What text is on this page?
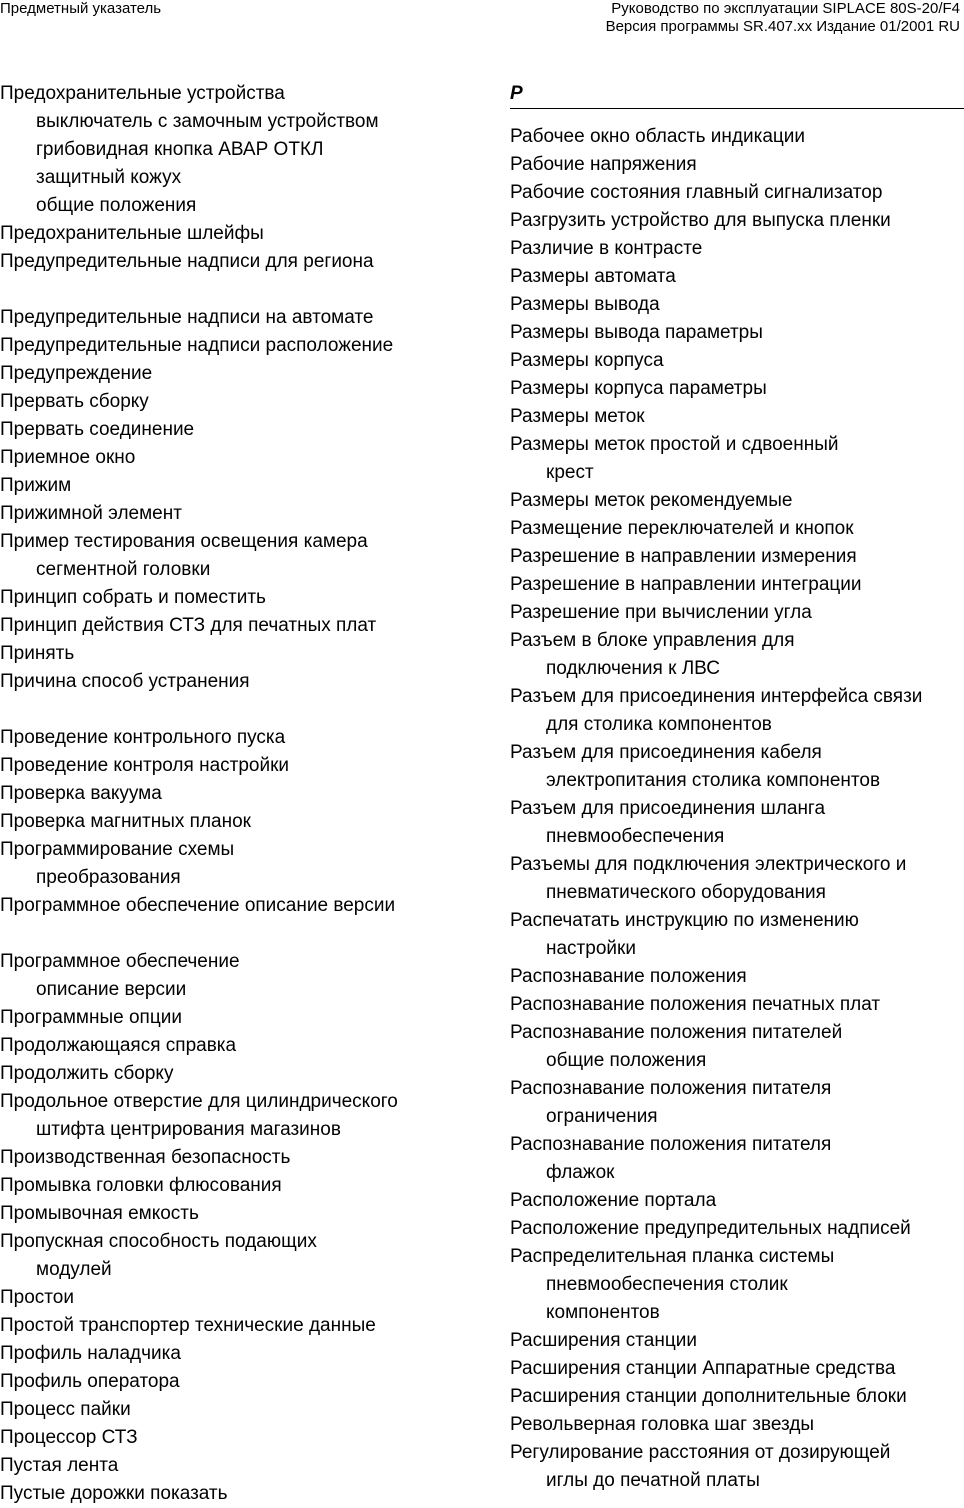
Предметный указатель	Руководство по эксплуатации SIPLACE 80S-20/F4
Версия программы SR.407.xx Издание 01/2001 RU
Предохранительные устройства
выключатель с замочным устройством
грибовидная кнопка АВАР ОТКЛ
защитный кожух
общие положения
Предохранительные шлейфы
Предупредительные надписи для региона
Предупредительные надписи на автомате
Предупредительные надписи расположение
Предупреждение
Прервать сборку
Прервать соединение
Приемное окно
Прижим
Прижимной элемент
Пример тестирования освещения камера
сегментной головки
Принцип собрать и поместить
Принцип действия СТЗ для печатных плат
Принять
Причина способ устранения
Проведение контрольного пуска
Проведение контроля настройки
Проверка вакуума
Проверка магнитных планок
Программирование схемы
преобразования
Программное обеспечение описание версии
Программное обеспечение
описание версии
Программные опции
Продолжающаяся справка
Продолжить сборку
Продольное отверстие для цилиндрического
штифта центрирования магазинов
Производственная безопасность
Промывка головки флюсования
Промывочная емкость
Пропускная способность подающих
модулей
Простои
Простой транспортер технические данные
Профиль наладчика
Профиль оператора
Процесс пайки
Процессор СТЗ
Пустая лента
Пустые дорожки показать
P
Рабочее окно область индикации
Рабочие напряжения
Рабочие состояния главный сигнализатор
Разгрузить устройство для выпуска пленки
Различие в контрасте
Размеры автомата
Размеры вывода
Размеры вывода параметры
Размеры корпуса
Размеры корпуса параметры
Размеры меток
Размеры меток простой и сдвоенный
крест
Размеры меток рекомендуемые
Размещение переключателей и кнопок
Разрешение в направлении измерения
Разрешение в направлении интеграции
Разрешение при вычислении угла
Разъем в блоке управления для
подключения к ЛВС
Разъем для присоединения интерфейса связи
для столика компонентов
Разъем для присоединения кабеля
электропитания столика компонентов
Разъем для присоединения шланга
пневмообеспечения
Разъемы для подключения электрического и
пневматического оборудования
Распечатать инструкцию по изменению
настройки
Распознавание положения
Распознавание положения печатных плат
Распознавание положения питателей
общие положения
Распознавание положения питателя
ограничения
Распознавание положения питателя
флажок
Расположение портала
Расположение предупредительных надписей
Распределительная планка системы
пневмообеспечения столик
компонентов
Расширения станции
Расширения станции Аппаратные средства
Расширения станции дополнительные блоки
Револьверная головка шаг звезды
Регулирование расстояния от дозирующей
иглы до печатной платы
